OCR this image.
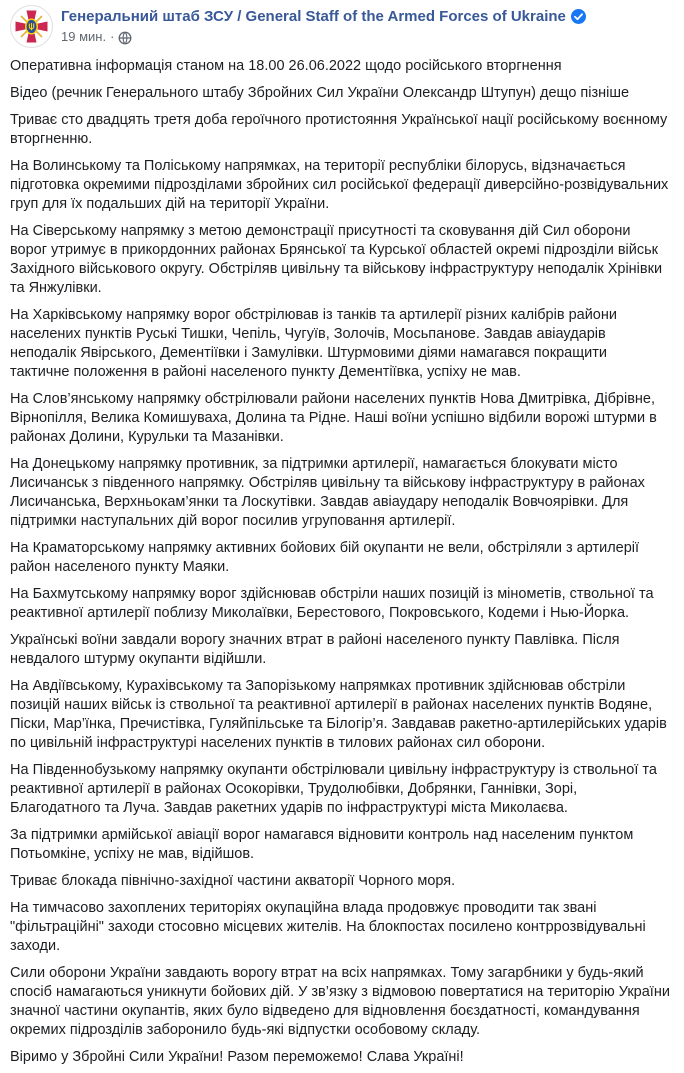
Генеральний штаб ЗСУ / General Staff of the Armed Forces of Ukraine
19 мин. ·

Оперативна інформація станом на 18.00 26.06.2022 щодо російського вторгнення

Відео (речник Генерального штабу Збройних Сил України Олександр Штупун) дещо пізніше

Триває сто двадцять третя доба героїчного протистояння Української нації російському воєнному вторгненню.

На Волинському та Поліському напрямках, на території республіки білорусь, відзначається підготовка окремими підрозділами збройних сил російської федерації диверсійно-розвідувальних груп для їх подальших дій на території України.

На Сіверському напрямку з метою демонстрації присутності та сковування дій Сил оборони ворог утримує в прикордонних районах Брянської та Курської областей окремі підрозділи військ Західного військового округу. Обстріляв цивільну та військову інфраструктуру неподалік Хрінівки та Янжулівки.

На Харківському напрямку ворог обстрілював із танків та артилерії різних калібрів райони населених пунктів Руські Тишки, Чепіль, Чугуїв, Золочів, Мосьпанове. Завдав авіаударів неподалік Явірського, Дементіївки і Замулівки. Штурмовими діями намагався покращити тактичне положення в районі населеного пункту Дементіївка, успіху не мав.

На Слов’янському напрямку обстрілювали райони населених пунктів Нова Дмитрівка, Дібрівне, Вірнопілля, Велика Комишуваха, Долина та Рідне. Наші воїни успішно відбили ворожі штурми в районах Долини, Курульки та Мазанівки.

На Донецькому напрямку противник, за підтримки артилерії, намагається блокувати місто Лисичанськ з південного напрямку. Обстріляв цивільну та військову інфраструктуру в районах Лисичанська, Верхньокам’янки та Лоскутівки. Завдав авіаудару неподалік Вовчоярівки. Для підтримки наступальних дій ворог посилив угруповання артилерії.

На Краматорському напрямку активних бойових бій окупанти не вели, обстріляли з артилерії район населеного пункту Маяки.

На Бахмутському напрямку ворог здійснював обстріли наших позицій із мінометів, ствольної та реактивної артилерії поблизу Миколаївки, Берестового, Покровського, Кодеми і Нью-Йорка.

Українські воїни завдали ворогу значних втрат в районі населеного пункту Павлівка. Після невдалого штурму окупанти відійшли.

На Авдіївському, Курахівському та Запорізькому напрямках противник здійснював обстріли позицій наших військ із ствольної та реактивної артилерії в районах населених пунктів Водяне, Піски, Мар’їнка, Пречистівка, Гуляйпільське та Білогір’я. Завдавав ракетно-артилерійських ударів по цивільній інфраструктурі населених пунктів в тилових районах сил оборони.

На Південнобузькому напрямку окупанти обстрілювали цивільну інфраструктуру із ствольної та реактивної артилерії в районах Осокорівки, Трудолюбівки, Добрянки, Ганнівки, Зорі, Благодатного та Луча. Завдав ракетних ударів по інфраструктурі міста Миколаєва.

За підтримки армійської авіації ворог намагався відновити контроль над населеним пунктом Потьомкіне, успіху не мав, відійшов.

Триває блокада північно-західної частини акваторії Чорного моря.

На тимчасово захоплених територіях окупаційна влада продовжує проводити так звані "фільтраційні" заходи стосовно місцевих жителів. На блокпостах посилено контррозвідувальні заходи.

Сили оборони України завдають ворогу втрат на всіх напрямках. Тому загарбники у будь-який спосіб намагаються уникнути бойових дій. У зв’язку з відмовою повертатися на територію України значної частини окупантів, яких було відведено для відновлення боєздатності, командування окремих підрозділів заборонило будь-які відпустки особовому складу.

Віримо у Збройні Сили України! Разом переможемо! Слава Україні!
